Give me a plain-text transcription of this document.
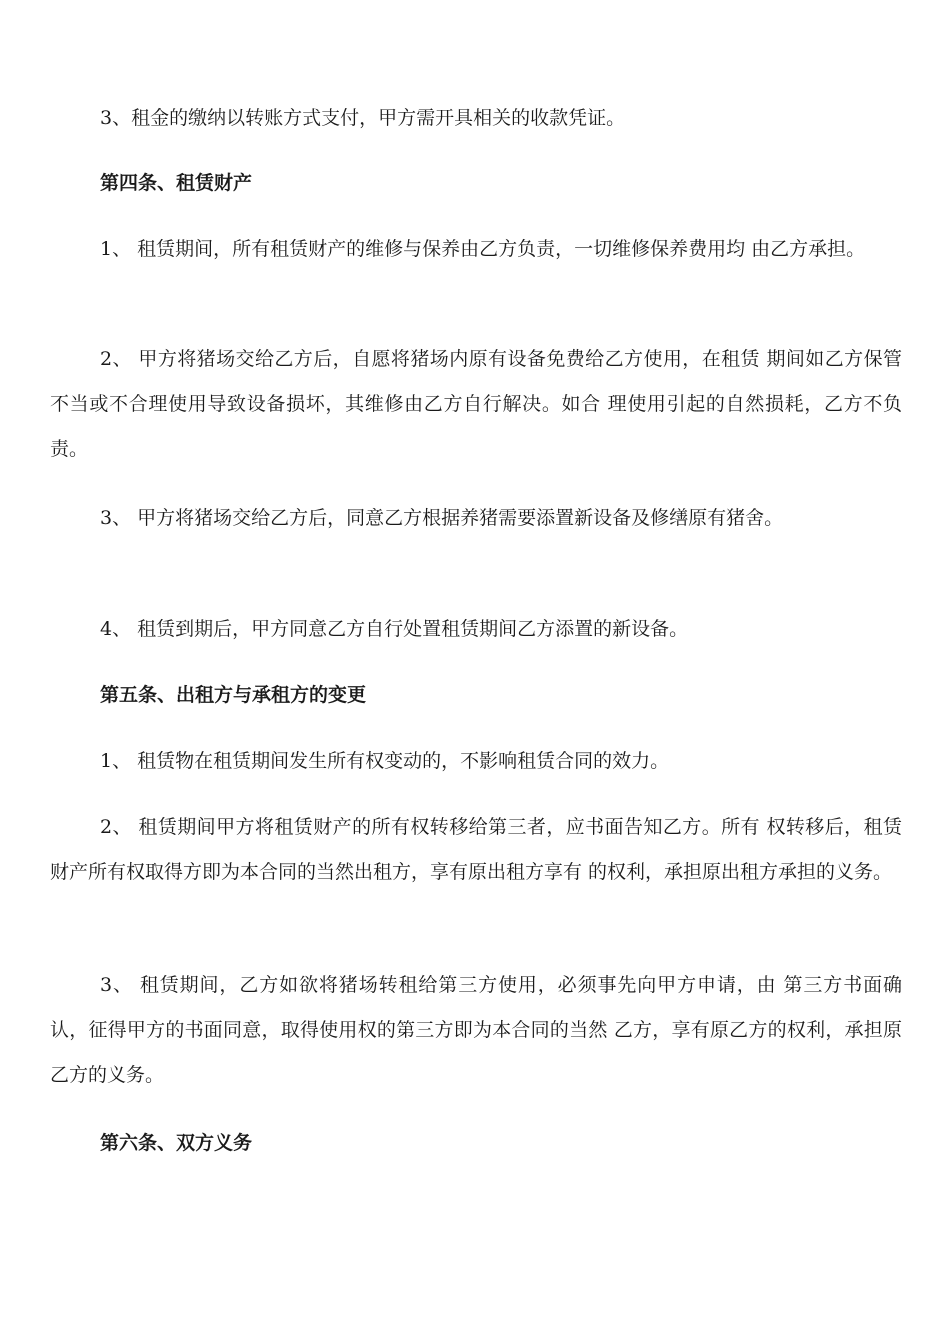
3、租金的缴纳以转账方式支付，甲方需开具相关的收款凭证。

第四条、租赁财产

1、 租赁期间，所有租赁财产的维修与保养由乙方负责，一切维修保养费用均 由乙方承担。

2、 甲方将猪场交给乙方后，自愿将猪场内原有设备免费给乙方使用，在租赁 期间如乙方保管不当或不合理使用导致设备损坏，其维修由乙方自行解决。如合 理使用引起的自然损耗，乙方不负责。

3、 甲方将猪场交给乙方后，同意乙方根据养猪需要添置新设备及修缮原有猪舍。

4、 租赁到期后，甲方同意乙方自行处置租赁期间乙方添置的新设备。

第五条、出租方与承租方的变更

1、 租赁物在租赁期间发生所有权变动的，不影响租赁合同的效力。

2、 租赁期间甲方将租赁财产的所有权转移给第三者，应书面告知乙方。所有 权转移后，租赁财产所有权取得方即为本合同的当然出租方，享有原出租方享有 的权利，承担原出租方承担的义务。

3、 租赁期间，乙方如欲将猪场转租给第三方使用，必须事先向甲方申请，由 第三方书面确认，征得甲方的书面同意，取得使用权的第三方即为本合同的当然 乙方，享有原乙方的权利，承担原乙方的义务。

第六条、双方义务
